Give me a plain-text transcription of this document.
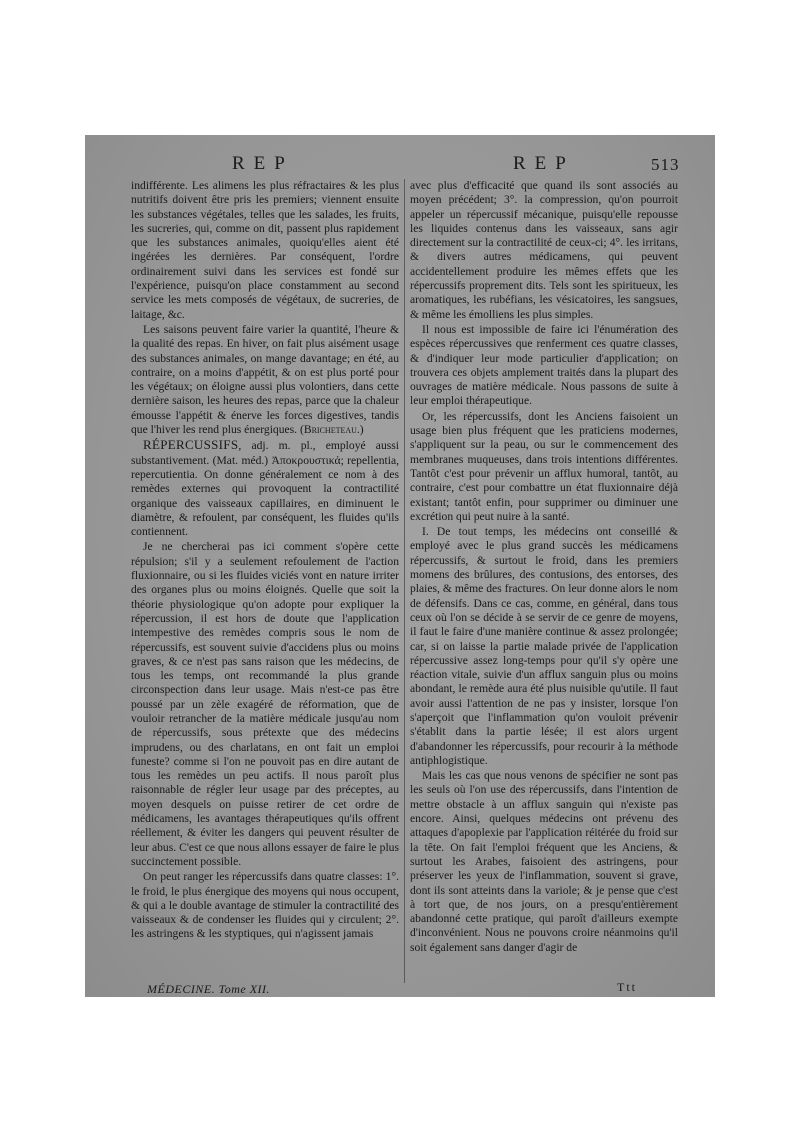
REP	REP	513

indifférente. Les alimens les plus réfractaires & les plus nutritifs doivent être pris les premiers; viennent ensuite les substances végétales, telles que les salades, les fruits, les sucreries, qui, comme on dit, passent plus rapidement que les substances animales, quoiqu'elles aient été ingérées les dernières. Par conséquent, l'ordre ordinairement suivi dans les services est fondé sur l'expérience, puisqu'on place constamment au second service les mets composés de végétaux, de sucreries, de laitage, &c.

Les saisons peuvent faire varier la quantité, l'heure & la qualité des repas. En hiver, on fait plus aisément usage des substances animales, on mange davantage; en été, au contraire, on a moins d'appétit, & on est plus porté pour les végétaux; on éloigne aussi plus volontiers, dans cette dernière saison, les heures des repas, parce que la chaleur émousse l'appétit & énerve les forces digestives, tandis que l'hiver les rend plus énergiques. (Bricheteau.)

RÉPERCUSSIFS, adj. m. pl., employé aussi substantivement. (Mat. méd.) Ἀποκρουστικά; repellentia, repercutientia. On donne généralement ce nom à des remèdes externes qui provoquent la contractilité organique des vaisseaux capillaires, en diminuent le diamètre, & refoulent, par conséquent, les fluides qu'ils contiennent.

Je ne chercherai pas ici comment s'opère cette répulsion; s'il y a seulement refoulement de l'action fluxionnaire, ou si les fluides viciés vont en nature irriter des organes plus ou moins éloignés. Quelle que soit la théorie physiologique qu'on adopte pour expliquer la répercussion, il est hors de doute que l'application intempestive des remèdes compris sous le nom de répercussifs, est souvent suivie d'accidens plus ou moins graves, & ce n'est pas sans raison que les médecins, de tous les temps, ont recommandé la plus grande circonspection dans leur usage. Mais n'est-ce pas être poussé par un zèle exagéré de réformation, que de vouloir retrancher de la matière médicale jusqu'au nom de répercussifs, sous prétexte que des médecins imprudens, ou des charlatans, en ont fait un emploi funeste? comme si l'on ne pouvoit pas en dire autant de tous les remèdes un peu actifs. Il nous paroît plus raisonnable de régler leur usage par des préceptes, au moyen desquels on puisse retirer de cet ordre de médicamens, les avantages thérapeutiques qu'ils offrent réellement, & éviter les dangers qui peuvent résulter de leur abus. C'est ce que nous allons essayer de faire le plus succinctement possible.

On peut ranger les répercussifs dans quatre classes: 1°. le froid, le plus énergique des moyens qui nous occupent, & qui a le double avantage de stimuler la contractilité des vaisseaux & de condenser les fluides qui y circulent; 2°. les astringens & les styptiques, qui n'agissent jamais

avec plus d'efficacité que quand ils sont associés au moyen précédent; 3°. la compression, qu'on pourroit appeler un répercussif mécanique, puisqu'elle repousse les liquides contenus dans les vaisseaux, sans agir directement sur la contractilité de ceux-ci; 4°. les irritans, & divers autres médicamens, qui peuvent accidentellement produire les mêmes effets que les répercussifs proprement dits. Tels sont les spiritueux, les aromatiques, les rubéfians, les vésicatoires, les sangsues, & même les émolliens les plus simples.

Il nous est impossible de faire ici l'énumération des espèces répercussives que renferment ces quatre classes, & d'indiquer leur mode particulier d'application; on trouvera ces objets amplement traités dans la plupart des ouvrages de matière médicale. Nous passons de suite à leur emploi thérapeutique.

Or, les répercussifs, dont les Anciens faisoient un usage bien plus fréquent que les praticiens modernes, s'appliquent sur la peau, ou sur le commencement des membranes muqueuses, dans trois intentions différentes. Tantôt c'est pour prévenir un afflux humoral, tantôt, au contraire, c'est pour combattre un état fluxionnaire déjà existant; tantôt enfin, pour supprimer ou diminuer une excrétion qui peut nuire à la santé.

I. De tout temps, les médecins ont conseillé & employé avec le plus grand succès les médicamens répercussifs, & surtout le froid, dans les premiers momens des brûlures, des contusions, des entorses, des plaies, & même des fractures. On leur donne alors le nom de défensifs. Dans ce cas, comme, en général, dans tous ceux où l'on se décide à se servir de ce genre de moyens, il faut le faire d'une manière continue & assez prolongée; car, si on laisse la partie malade privée de l'application répercussive assez long-temps pour qu'il s'y opère une réaction vitale, suivie d'un afflux sanguin plus ou moins abondant, le remède aura été plus nuisible qu'utile. Il faut avoir aussi l'attention de ne pas y insister, lorsque l'on s'aperçoit que l'inflammation qu'on vouloit prévenir s'établit dans la partie lésée; il est alors urgent d'abandonner les répercussifs, pour recourir à la méthode antiphlogistique.

Mais les cas que nous venons de spécifier ne sont pas les seuls où l'on use des répercussifs, dans l'intention de mettre obstacle à un afflux sanguin qui n'existe pas encore. Ainsi, quelques médecins ont prévenu des attaques d'apoplexie par l'application réitérée du froid sur la tête. On fait l'emploi fréquent que les Anciens, & surtout les Arabes, faisoient des astringens, pour préserver les yeux de l'inflammation, souvent si grave, dont ils sont atteints dans la variole; & je pense que c'est à tort que, de nos jours, on a presqu'entièrement abandonné cette pratique, qui paroît d'ailleurs exempte d'inconvénient. Nous ne pouvons croire néanmoins qu'il soit également sans danger d'agir de

MÉDECINE. Tome XII.	Ttt
